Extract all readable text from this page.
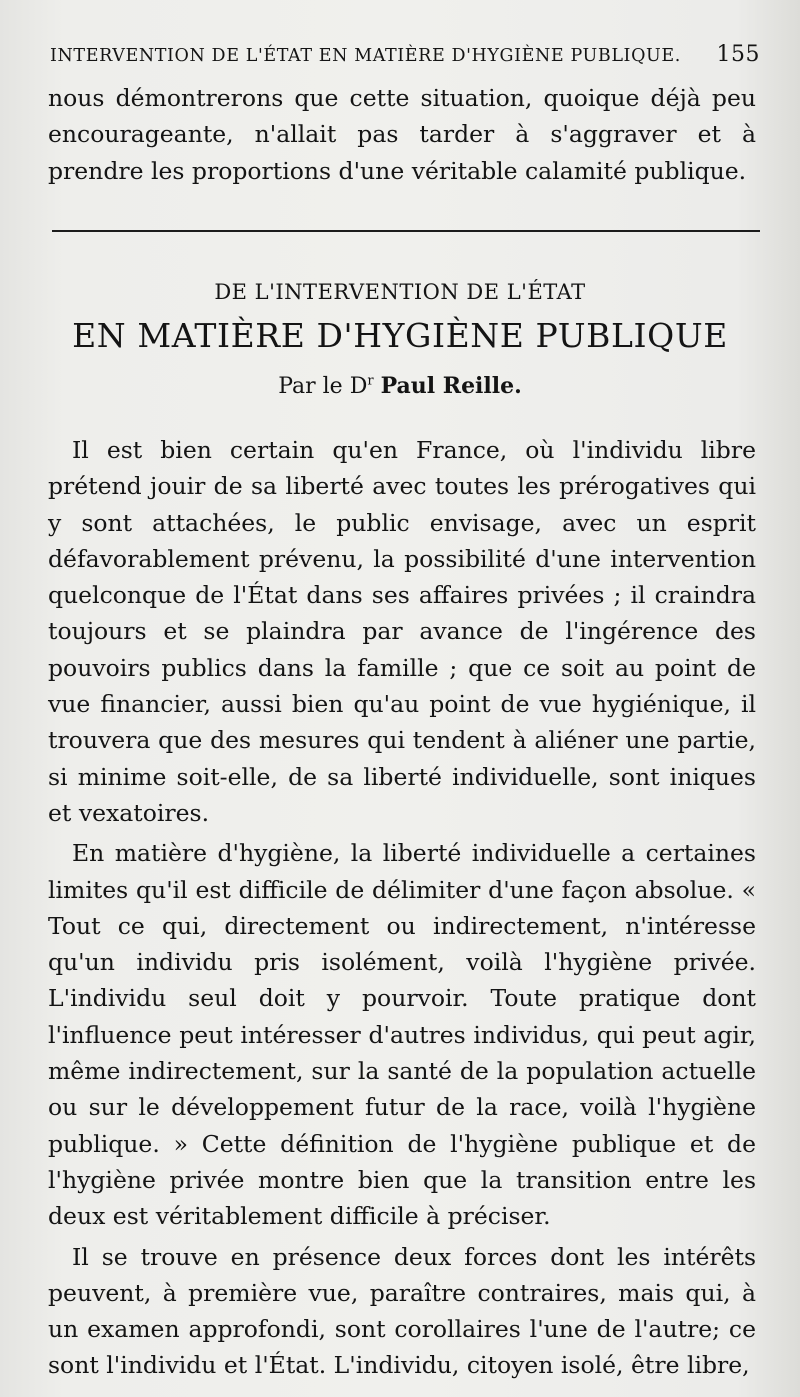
INTERVENTION DE L'ÉTAT EN MATIÈRE D'HYGIÈNE PUBLIQUE. 155
nous démontrerons que cette situation, quoique déjà peu encourageante, n'allait pas tarder à s'aggraver et à prendre les proportions d'une véritable calamité publique.
DE L'INTERVENTION DE L'ÉTAT
EN MATIÈRE D'HYGIÈNE PUBLIQUE
Par le $D^r$ Paul Reille.

Il est bien certain qu'en France, où l'individu libre prétend jouir de sa liberté avec toutes les prérogatives qui y sont attachées, le public envisage, avec un esprit défavorablement prévenu, la possibilité d'une intervention quelconque de l'État dans ses affaires privées ; il craindra toujours et se plaindra par avance de l'ingérence des pouvoirs publics dans la famille ; que ce soit au point de vue financier, aussi bien qu'au point de vue hygiénique, il trouvera que des mesures qui tendent à aliéner une partie, si minime soit-elle, de sa liberté individuelle, sont iniques et vexatoires.

En matière d'hygiène, la liberté individuelle a certaines limites qu'il est difficile de délimiter d'une façon absolue. « Tout ce qui, directement ou indirectement, n'intéresse qu'un individu pris isolément, voilà l'hygiène privée. L'individu seul doit y pourvoir. Toute pratique dont l'influence peut intéresser d'autres individus, qui peut agir, même indirectement, sur la santé de la population actuelle ou sur le développement futur de la race, voilà l'hygiène publique. » Cette définition de l'hygiène publique et de l'hygiène privée montre bien que la transition entre les deux est véritablement difficile à préciser.

Il se trouve en présence deux forces dont les intérêts peuvent, à première vue, paraître contraires, mais qui, à un examen approfondi, sont corollaires l'une de l'autre; ce sont l'individu et l'État. L'individu, citoyen isolé, être libre,
